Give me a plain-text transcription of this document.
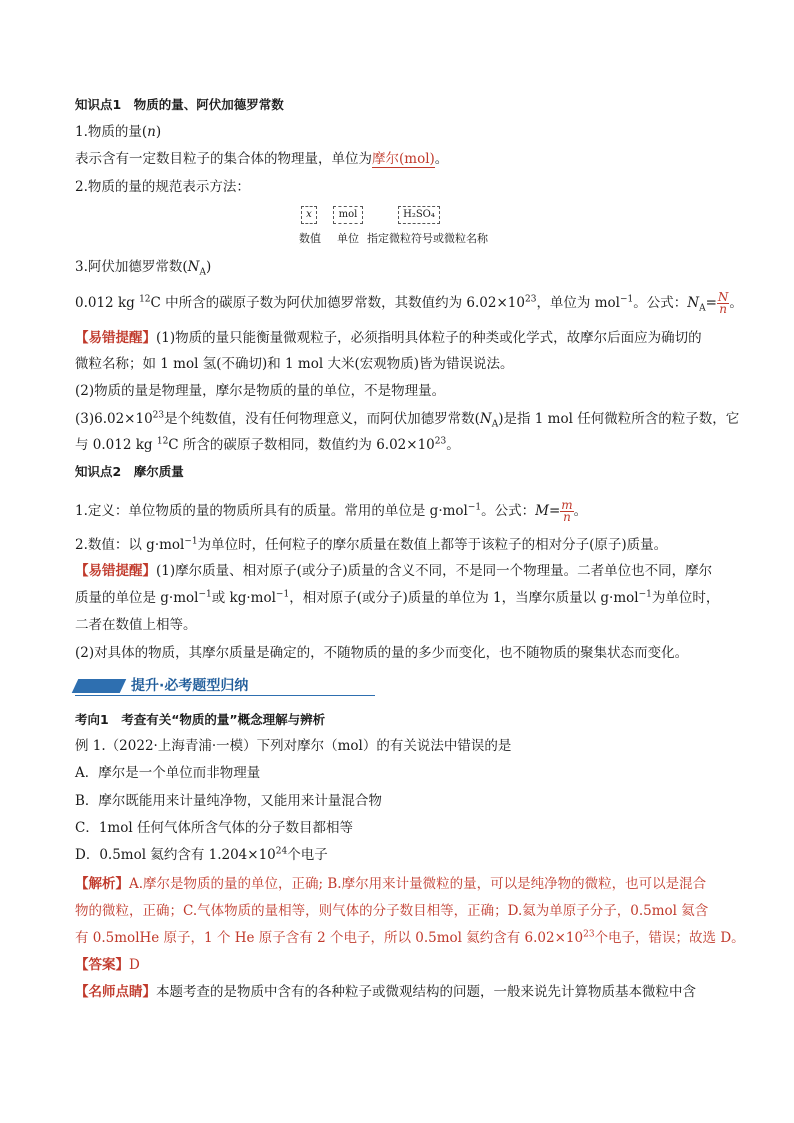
知识点1　物质的量、阿伏加德罗常数
1.物质的量(n)
表示含有一定数目粒子的集合体的物理量，单位为摩尔(mol)。
2.物质的量的规范表示方法：
x	mol	H₂SO₄
数值 单位 指定微粒符号或微粒名称
3.阿伏加德罗常数$(N_A)$
0.012 kg $^{12}$C 中所含的碳原子数为阿伏加德罗常数，其数值约为 $6.02\times 10^{23}$，单位为 mol$^{-1}$。公式：$N_A= \frac{N}{n}$ 。
【易错提醒】(1)物质的量只能衡量微观粒子，必须指明具体粒子的种类或化学式，故摩尔后面应为确切的
微粒名称；如 1 mol 氢(不确切)和 1 mol 大米(宏观物质)皆为错误说法。
(2)物质的量是物理量，摩尔是物质的量的单位，不是物理量。
$(3)6.02\times 10^{23}$是个纯数值，没有任何物理意义，而阿伏加德罗常数$(N_A)$是指 1 mol 任何微粒所含的粒子数，它
与 0.012 kg $^{12}$C 所含的碳原子数相同，数值约为 $6.02\times 10^{23}$。
知识点2　摩尔质量
1.定义：单位物质的量的物质所具有的质量。常用的单位是 g·mol$^{-1}$。公式：$M= \frac{m}{n}$ 。
2.数值：以 g·mol$^{-1}$为单位时，任何粒子的摩尔质量在数值上都等于该粒子的相对分子(原子)质量。
【易错提醒】(1)摩尔质量、相对原子(或分子)质量的含义不同，不是同一个物理量。二者单位也不同，摩尔
质量的单位是 g·mol$^{-1}$或 kg·mol$^{-1}$，相对原子(或分子)质量的单位为 1，当摩尔质量以 g·mol$^{-1}$为单位时，
二者在数值上相等。
(2)对具体的物质，其摩尔质量是确定的，不随物质的量的多少而变化，也不随物质的聚集状态而变化。
提升·必考题型归纳
考向1　考查有关“物质的量”概念理解与辨析
例 1.（2022·上海青浦·一模）下列对摩尔（mol）的有关说法中错误的是
A．摩尔是一个单位而非物理量
B．摩尔既能用来计量纯净物，又能用来计量混合物
C．1mol 任何气体所含气体的分子数目都相等
D．0.5mol 氦约含有 $1.204\times 10^{24}$个电子
【解析】A.摩尔是物质的量的单位，正确; B.摩尔用来计量微粒的量，可以是纯净物的微粒，也可以是混合
物的微粒，正确；C.气体物质的量相等，则气体的分子数目相等，正确；D.氦为单原子分子，0.5mol 氦含
有 0.5molHe 原子，1 个 He 原子含有 2 个电子，所以 0.5mol 氦约含有 $6.02\times 10^{23}$个电子，错误；故选 D。
【答案】D
【名师点睛】本题考查的是物质中含有的各种粒子或微观结构的问题，一般来说先计算物质基本微粒中含
